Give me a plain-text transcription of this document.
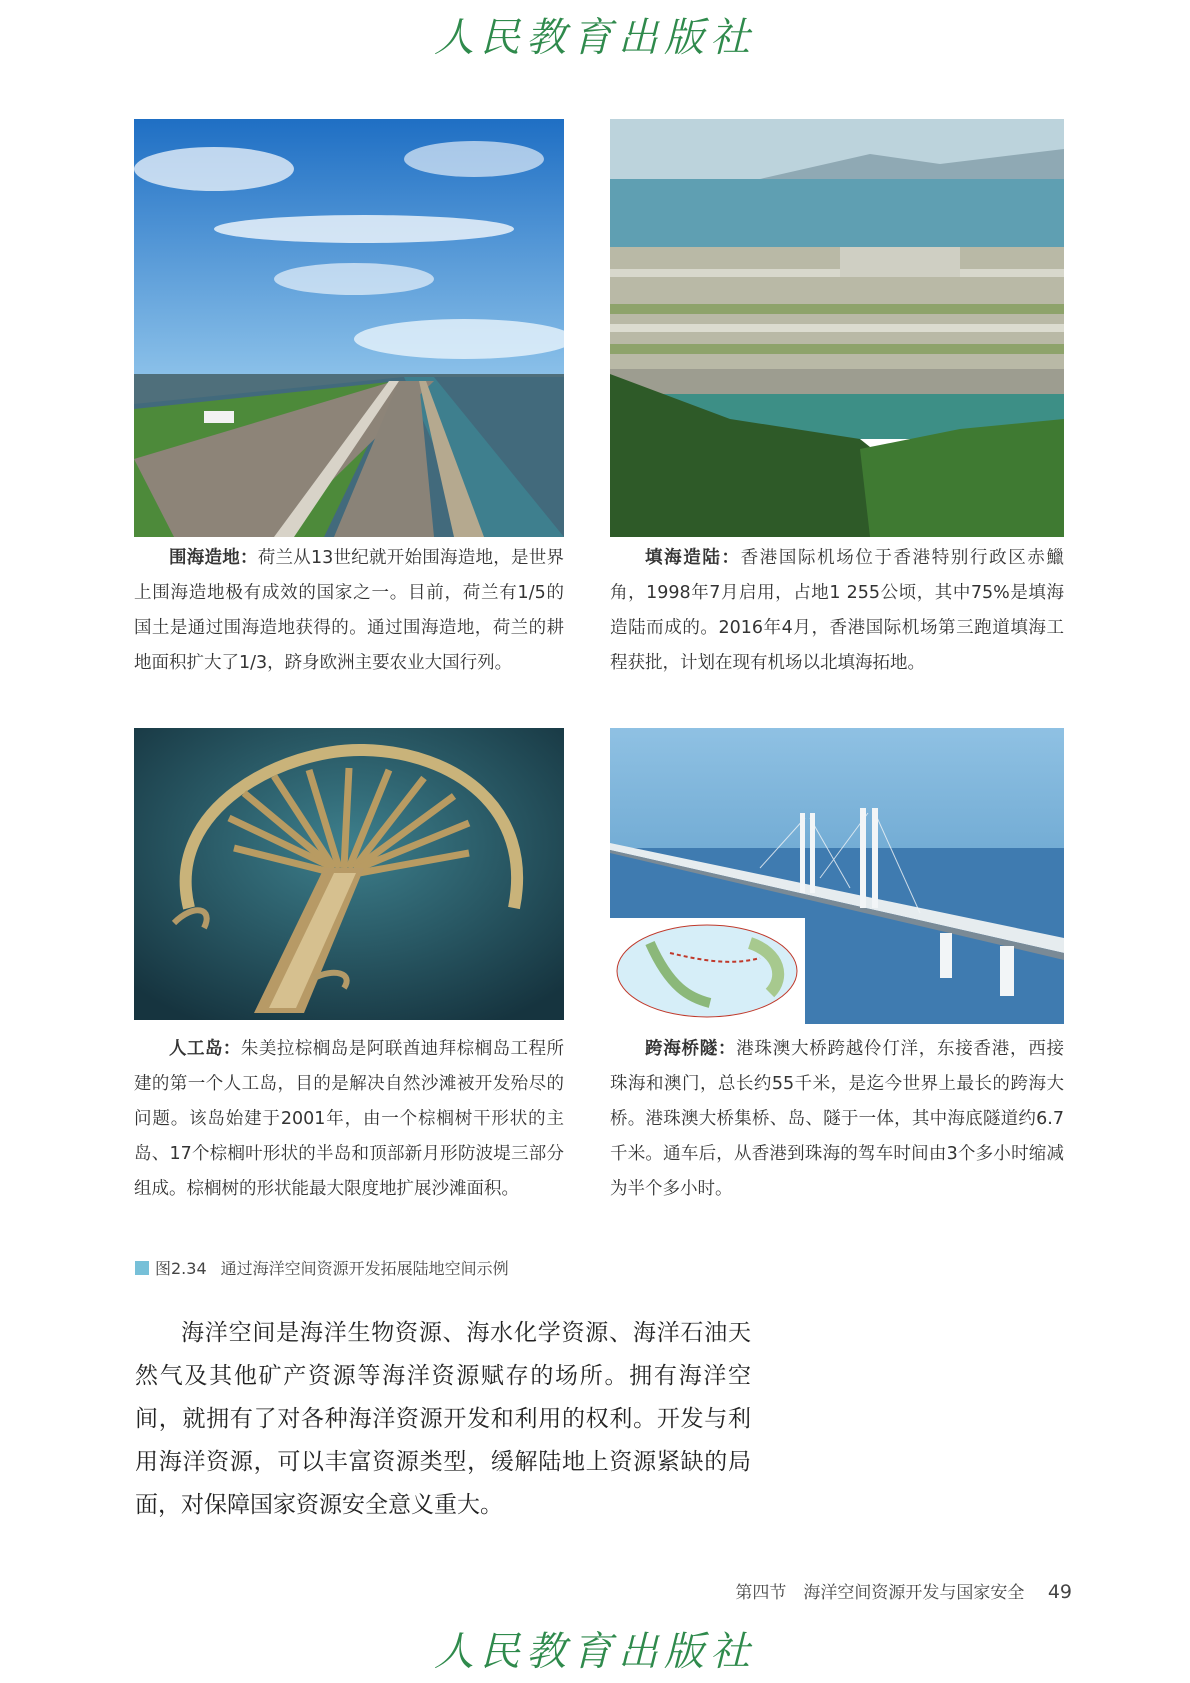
人民教育出版社
围海造地：荷兰从13世纪就开始围海造地，是世界上围海造地极有成效的国家之一。目前，荷兰有1/5的国土是通过围海造地获得的。通过围海造地，荷兰的耕地面积扩大了1/3，跻身欧洲主要农业大国行列。
填海造陆：香港国际机场位于香港特别行政区赤鱲角，1998年7月启用，占地1 255公顷，其中75%是填海造陆而成的。2016年4月，香港国际机场第三跑道填海工程获批，计划在现有机场以北填海拓地。
人工岛：朱美拉棕榈岛是阿联酋迪拜棕榈岛工程所建的第一个人工岛，目的是解决自然沙滩被开发殆尽的问题。该岛始建于2001年，由一个棕榈树干形状的主岛、17个棕榈叶形状的半岛和顶部新月形防波堤三部分组成。棕榈树的形状能最大限度地扩展沙滩面积。
跨海桥隧：港珠澳大桥跨越伶仃洋，东接香港，西接珠海和澳门，总长约55千米，是迄今世界上最长的跨海大桥。港珠澳大桥集桥、岛、隧于一体，其中海底隧道约6.7千米。通车后，从香港到珠海的驾车时间由3个多小时缩减为半个多小时。
图2.34 通过海洋空间资源开发拓展陆地空间示例
海洋空间是海洋生物资源、海水化学资源、海洋石油天然气及其他矿产资源等海洋资源赋存的场所。拥有海洋空间，就拥有了对各种海洋资源开发和利用的权利。开发与利用海洋资源，可以丰富资源类型，缓解陆地上资源紧缺的局面，对保障国家资源安全意义重大。
第四节　海洋空间资源开发与国家安全 49
人民教育出版社
